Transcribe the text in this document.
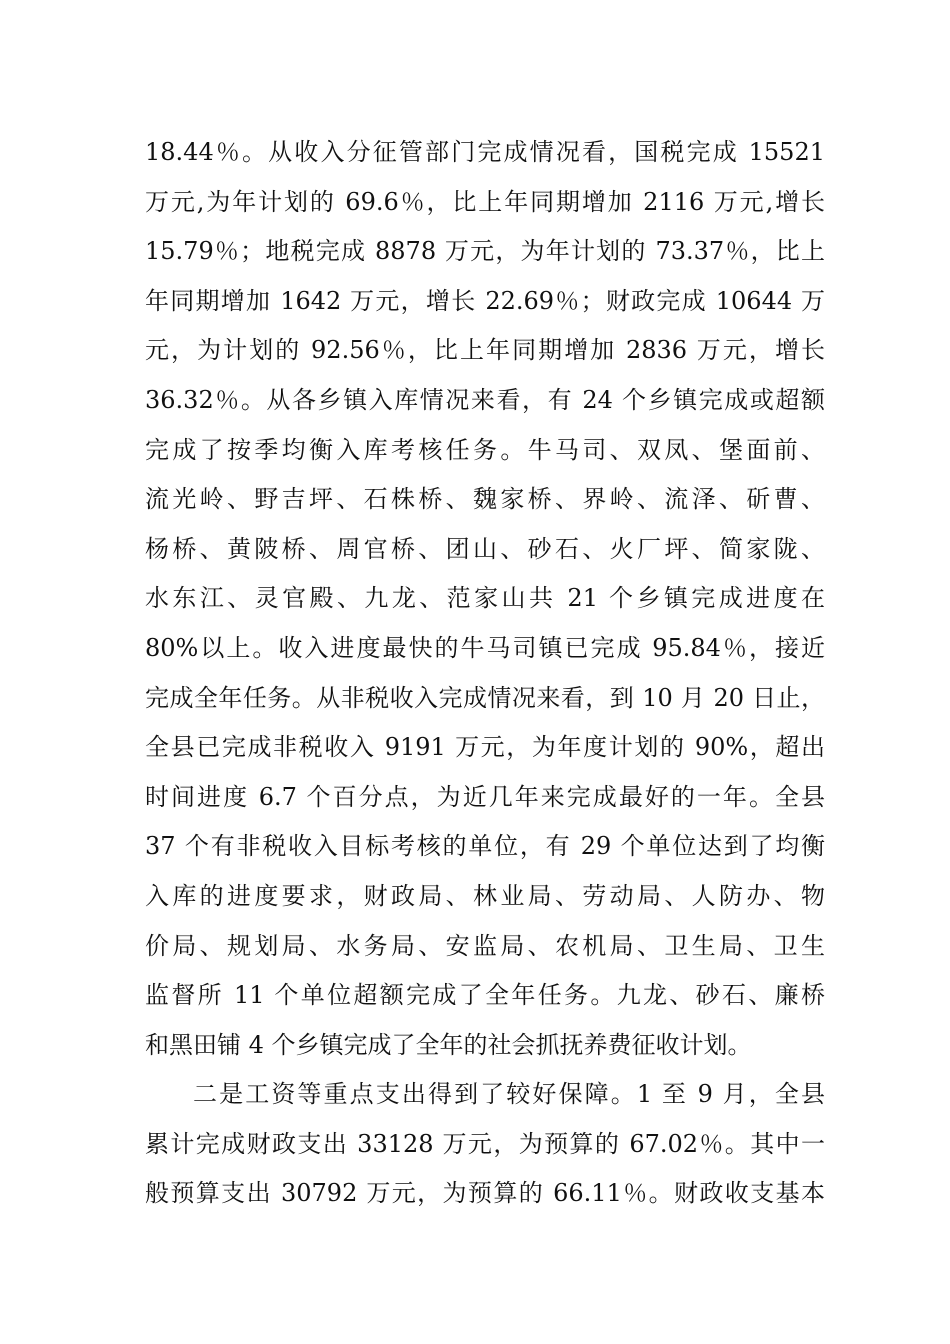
18.44％。从收入分征管部门完成情况看，国税完成 15521
万元,为年计划的 69.6％，比上年同期增加 2116 万元,增长
15.79％；地税完成 8878 万元，为年计划的 73.37％，比上
年同期增加 1642 万元，增长 22.69％；财政完成 10644 万
元，为计划的 92.56％，比上年同期增加 2836 万元，增长
36.32％。从各乡镇入库情况来看，有 24 个乡镇完成或超额
完成了按季均衡入库考核任务。牛马司、双凤、堡面前、
流光岭、野吉坪、石株桥、魏家桥、界岭、流泽、斫曹、
杨桥、黄陂桥、周官桥、团山、砂石、火厂坪、简家陇、
水东江、灵官殿、九龙、范家山共 21 个乡镇完成进度在
80%以上。收入进度最快的牛马司镇已完成 95.84％，接近
完成全年任务。从非税收入完成情况来看，到 10 月 20 日止，
全县已完成非税收入 9191 万元，为年度计划的 90%，超出
时间进度 6.7 个百分点，为近几年来完成最好的一年。全县
37 个有非税收入目标考核的单位，有 29 个单位达到了均衡
入库的进度要求，财政局、林业局、劳动局、人防办、物
价局、规划局、水务局、安监局、农机局、卫生局、卫生
监督所 11 个单位超额完成了全年任务。九龙、砂石、廉桥
和黑田铺 4 个乡镇完成了全年的社会抓抚养费征收计划。
二是工资等重点支出得到了较好保障。1 至 9 月，全县
累计完成财政支出 33128 万元，为预算的 67.02％。其中一
般预算支出 30792 万元，为预算的 66.11％。财政收支基本
